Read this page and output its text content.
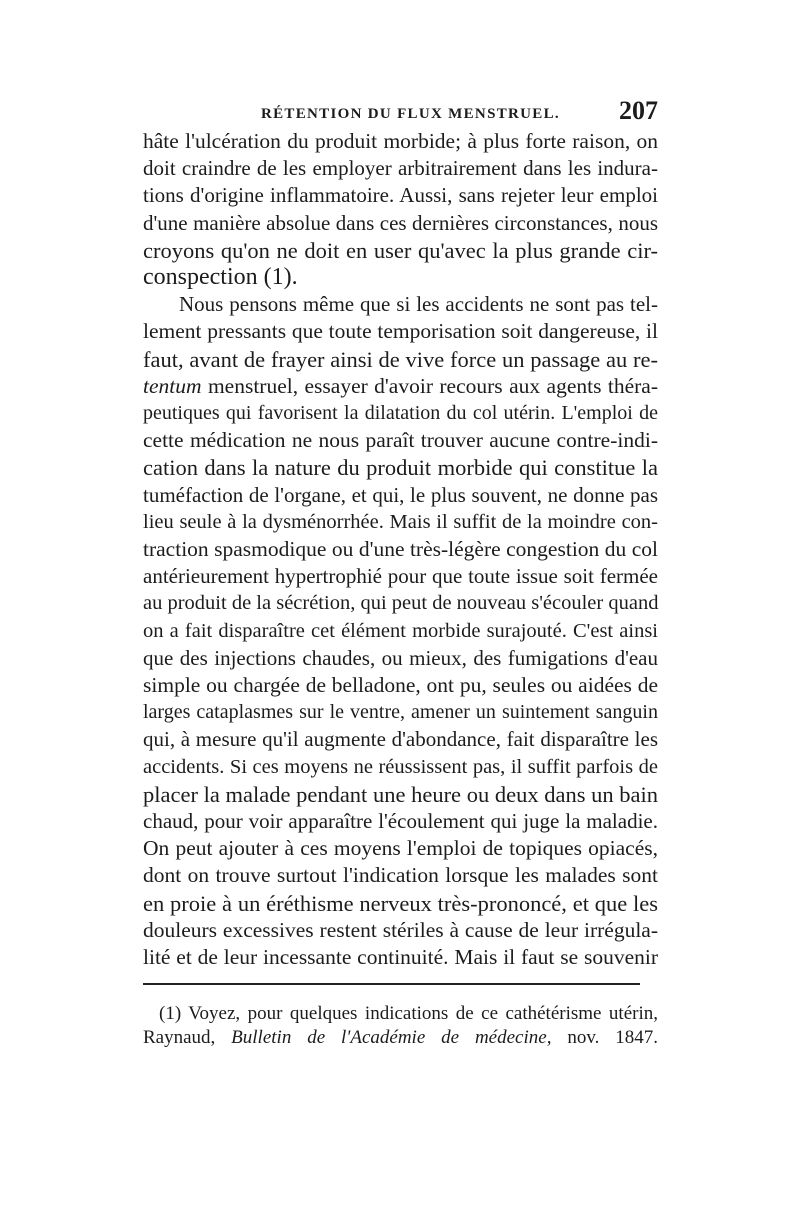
RÉTENTION DU FLUX MENSTRUEL. 207

hâte l'ulcération du produit morbide; à plus forte raison, on
doit craindre de les employer arbitrairement dans les indura-
tions d'origine inflammatoire. Aussi, sans rejeter leur emploi
d'une manière absolue dans ces dernières circonstances, nous
croyons qu'on ne doit en user qu'avec la plus grande cir-
conspection (1).

Nous pensons même que si les accidents ne sont pas tel-
lement pressants que toute temporisation soit dangereuse, il
faut, avant de frayer ainsi de vive force un passage au re-
tentum menstruel, essayer d'avoir recours aux agents théra-
peutiques qui favorisent la dilatation du col utérin. L'emploi de
cette médication ne nous paraît trouver aucune contre-indi-
cation dans la nature du produit morbide qui constitue la
tuméfaction de l'organe, et qui, le plus souvent, ne donne pas
lieu seule à la dysménorrhée. Mais il suffit de la moindre con-
traction spasmodique ou d'une très-légère congestion du col
antérieurement hypertrophié pour que toute issue soit fermée
au produit de la sécrétion, qui peut de nouveau s'écouler quand
on a fait disparaître cet élément morbide surajouté. C'est ainsi
que des injections chaudes, ou mieux, des fumigations d'eau
simple ou chargée de belladone, ont pu, seules ou aidées de
larges cataplasmes sur le ventre, amener un suintement sanguin
qui, à mesure qu'il augmente d'abondance, fait disparaître les
accidents. Si ces moyens ne réussissent pas, il suffit parfois de
placer la malade pendant une heure ou deux dans un bain
chaud, pour voir apparaître l'écoulement qui juge la maladie.
On peut ajouter à ces moyens l'emploi de topiques opiacés,
dont on trouve surtout l'indication lorsque les malades sont
en proie à un éréthisme nerveux très-prononcé, et que les
douleurs excessives restent stériles à cause de leur irrégula-
lité et de leur incessante continuité. Mais il faut se souvenir

(1) Voyez, pour quelques indications de ce cathétérisme utérin,
Raynaud, Bulletin de l'Académie de médecine, nov. 1847.
